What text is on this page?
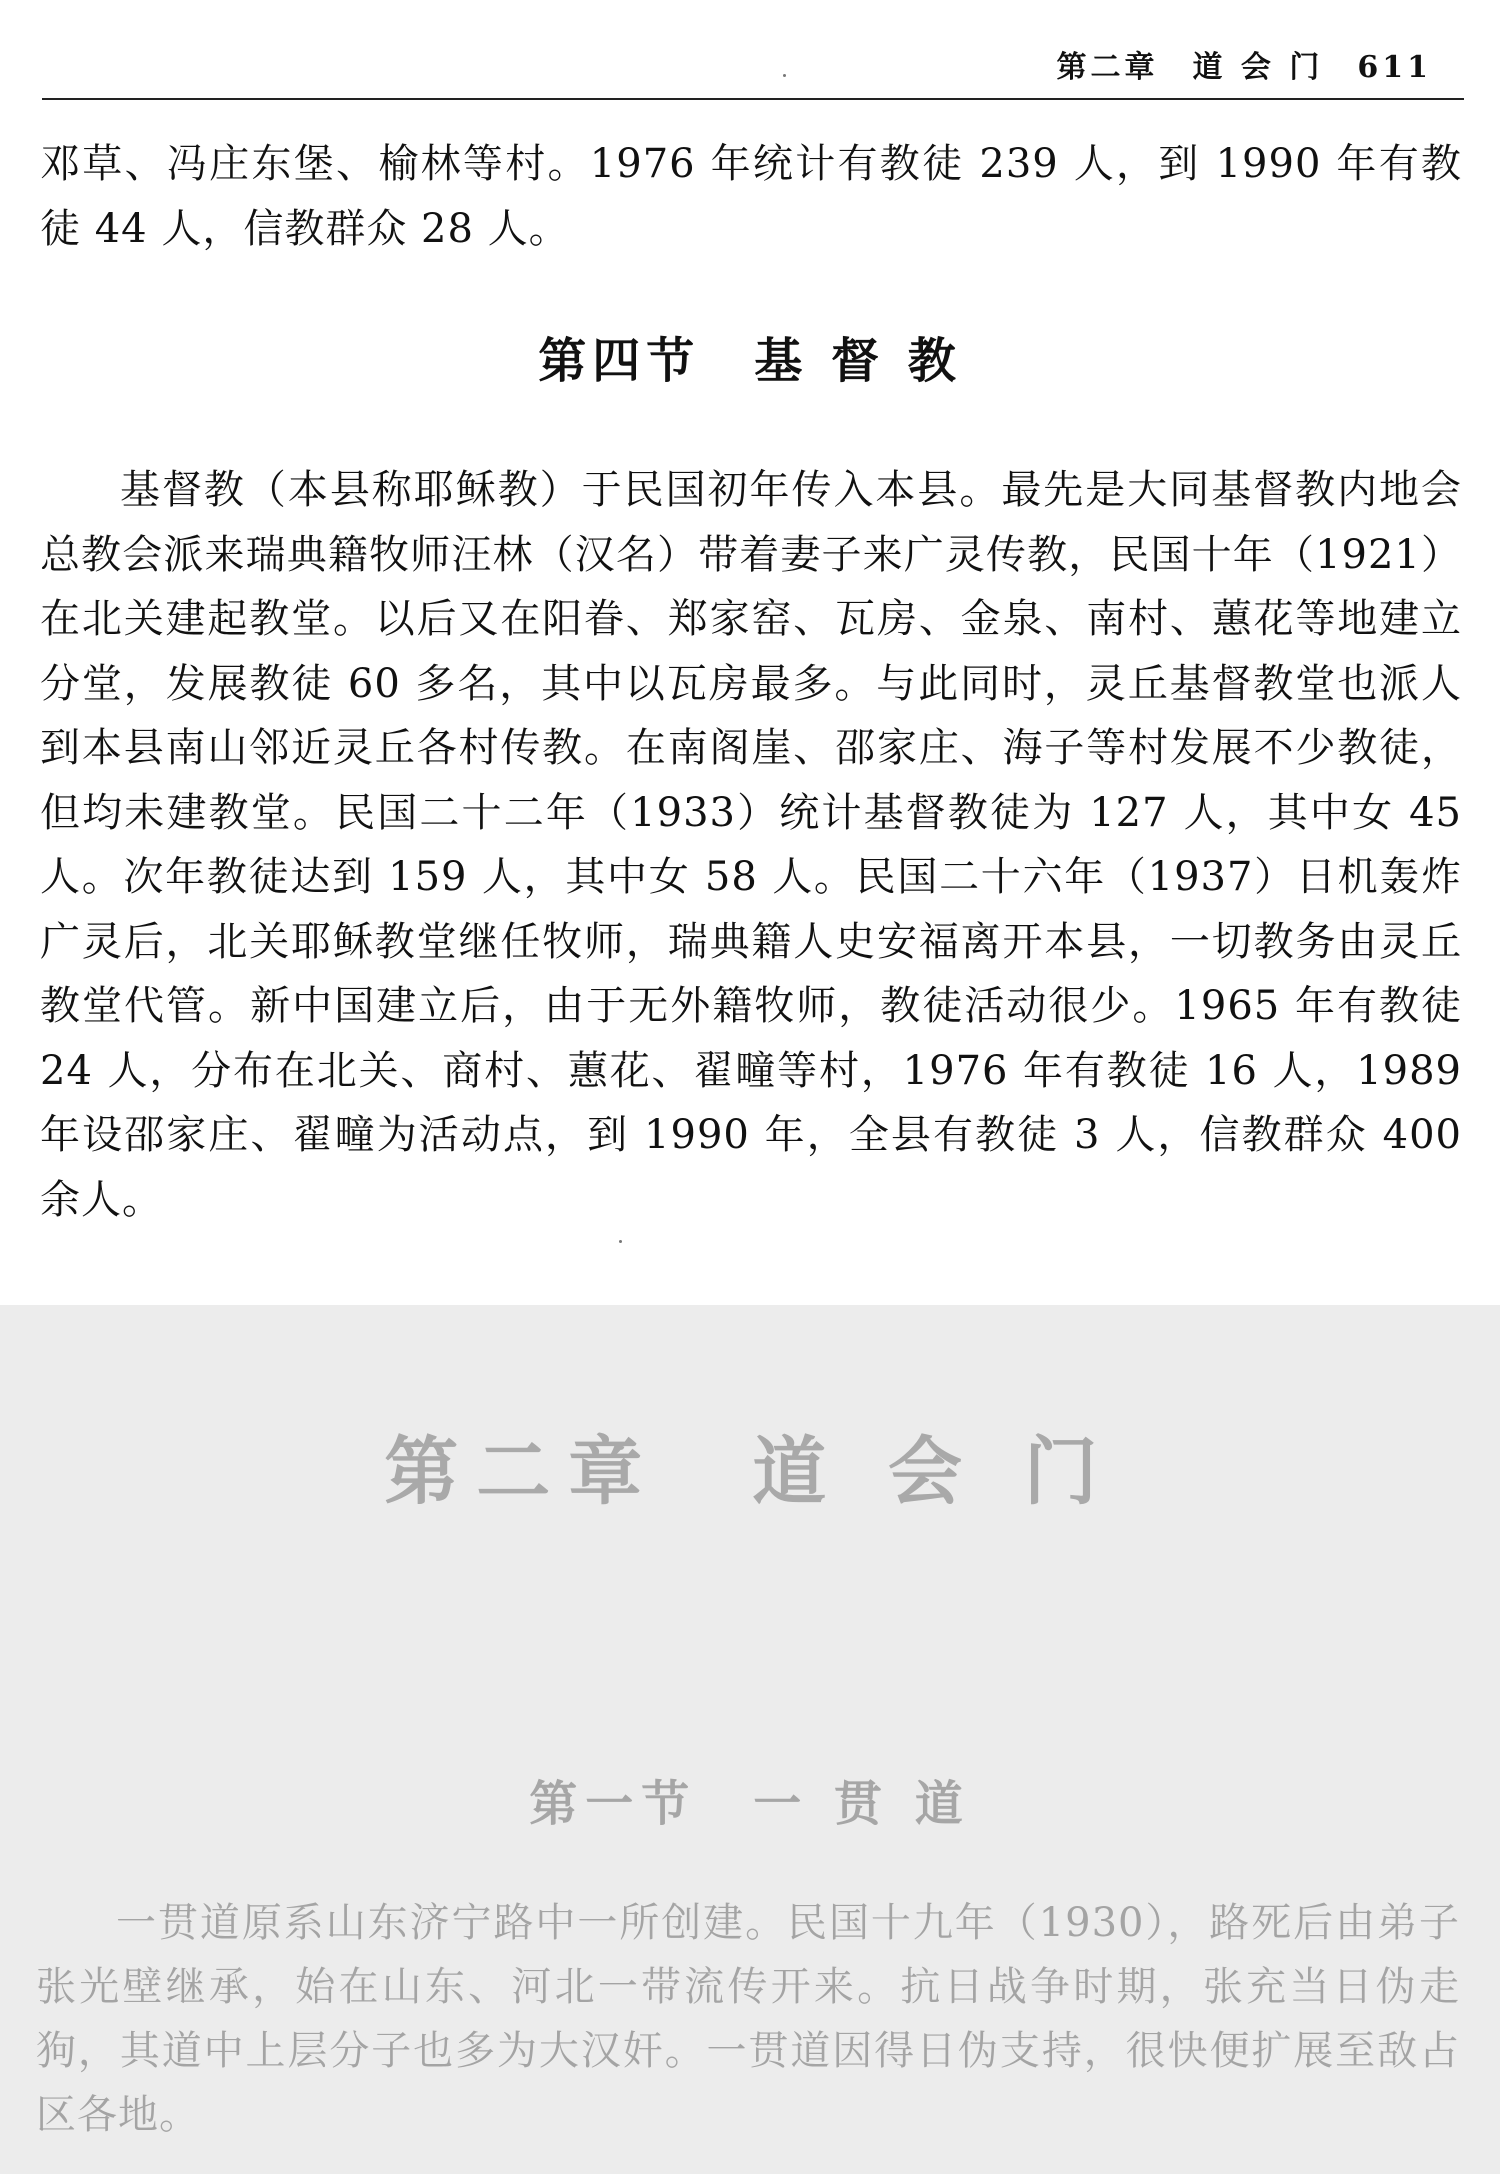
第二章　道 会 门　611
邓草、冯庄东堡、榆林等村。1976 年统计有教徒 239 人，到 1990 年有教徒 44 人，信教群众 28 人。
第四节　基 督 教
基督教（本县称耶稣教）于民国初年传入本县。最先是大同基督教内地会总教会派来瑞典籍牧师汪林（汉名）带着妻子来广灵传教，民国十年（1921）在北关建起教堂。以后又在阳眷、郑家窑、瓦房、金泉、南村、蕙花等地建立分堂，发展教徒 60 多名，其中以瓦房最多。与此同时，灵丘基督教堂也派人到本县南山邻近灵丘各村传教。在南阁崖、邵家庄、海子等村发展不少教徒，但均未建教堂。民国二十二年（1933）统计基督教徒为 127 人，其中女 45 人。次年教徒达到 159 人，其中女 58 人。民国二十六年（1937）日机轰炸广灵后，北关耶稣教堂继任牧师，瑞典籍人史安福离开本县，一切教务由灵丘教堂代管。新中国建立后，由于无外籍牧师，教徒活动很少。1965 年有教徒 24 人，分布在北关、商村、蕙花、翟疃等村，1976 年有教徒 16 人，1989 年设邵家庄、翟疃为活动点，到 1990 年，全县有教徒 3 人，信教群众 400 余人。
第二章　道 会 门
第一节　一 贯 道
一贯道原系山东济宁路中一所创建。民国十九年（1930），路死后由弟子张光壁继承，始在山东、河北一带流传开来。抗日战争时期，张充当日伪走狗，其道中上层分子也多为大汉奸。一贯道因得日伪支持，很快便扩展至敌占区各地。
